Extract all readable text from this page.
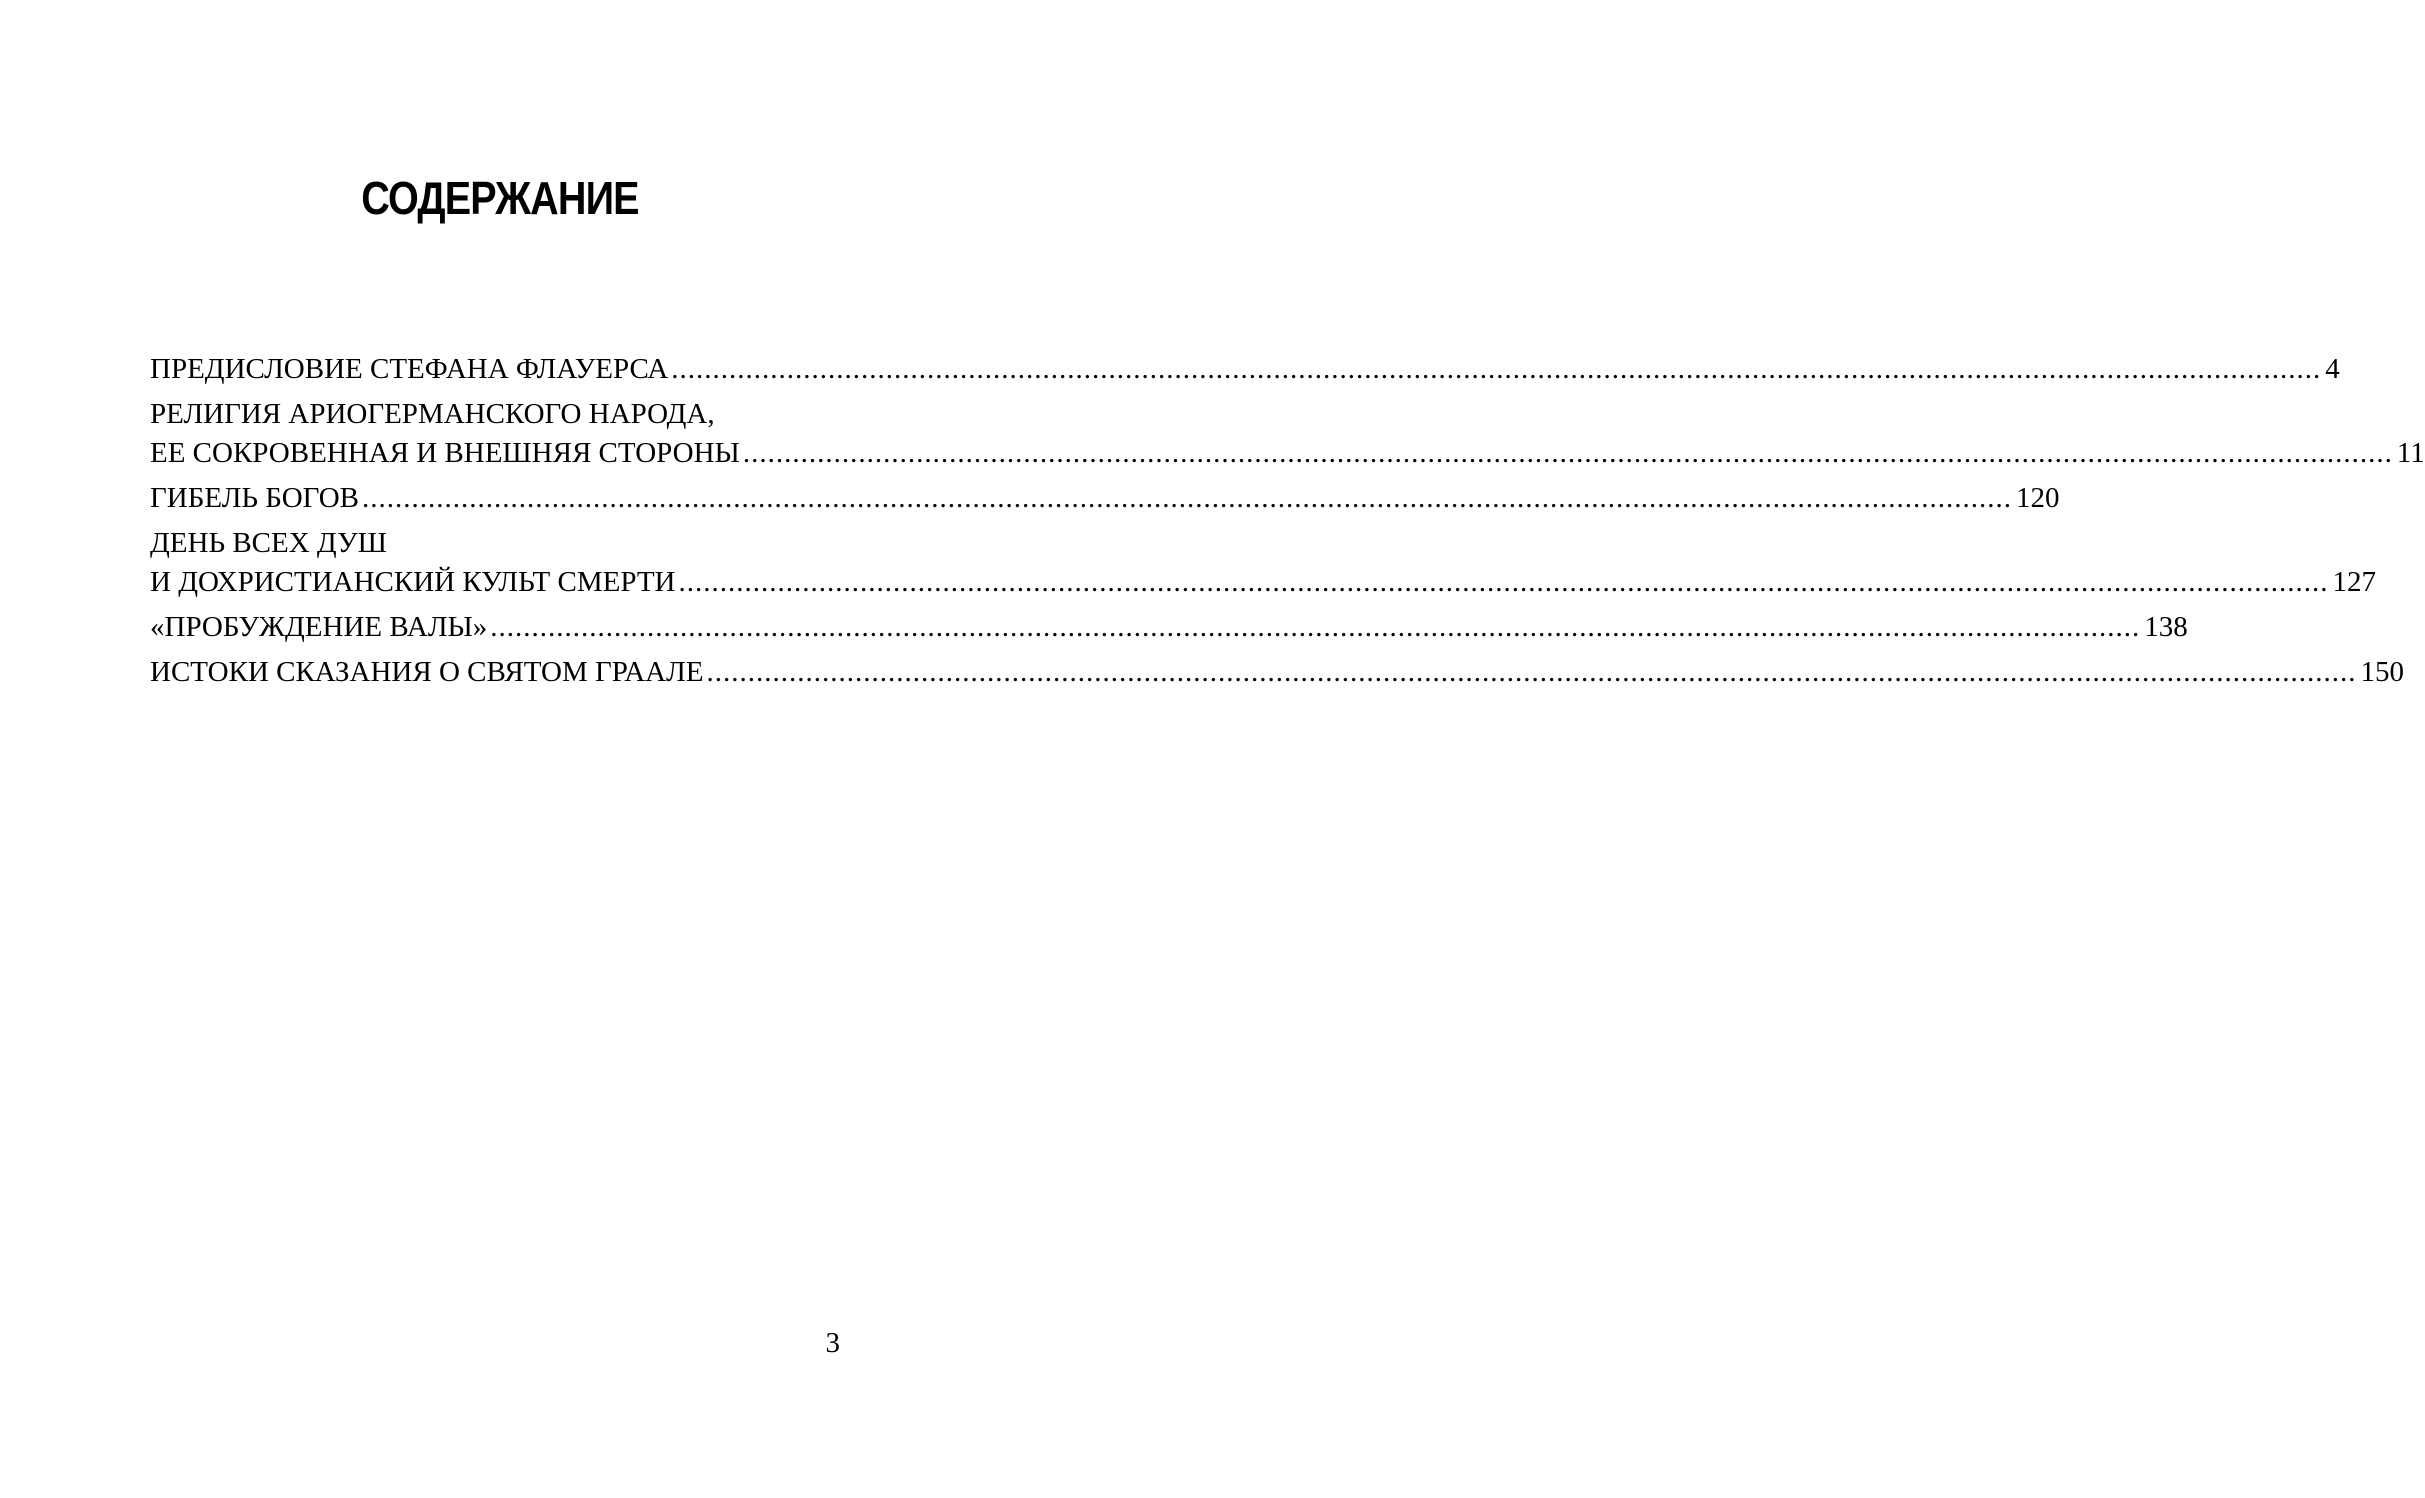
СОДЕРЖАНИЕ
ПРЕДИСЛОВИЕ СТЕФАНА ФЛАУЕРСА ........................................................................................................................................................................................................ 4
РЕЛИГИЯ АРИОГЕРМАНСКОГО НАРОДА,
ЕЕ СОКРОВЕННАЯ И ВНЕШНЯЯ СТОРОНЫ ........................................................................................................................................................................................................ 11
ГИБЕЛЬ БОГОВ ........................................................................................................................................................................................................ 120
ДЕНЬ ВСЕХ ДУШ
И ДОХРИСТИАНСКИЙ КУЛЬТ СМЕРТИ ........................................................................................................................................................................................................ 127
«ПРОБУЖДЕНИЕ ВАЛЫ» ........................................................................................................................................................................................................ 138
ИСТОКИ СКАЗАНИЯ О СВЯТОМ ГРААЛЕ ........................................................................................................................................................................................................ 150
3
